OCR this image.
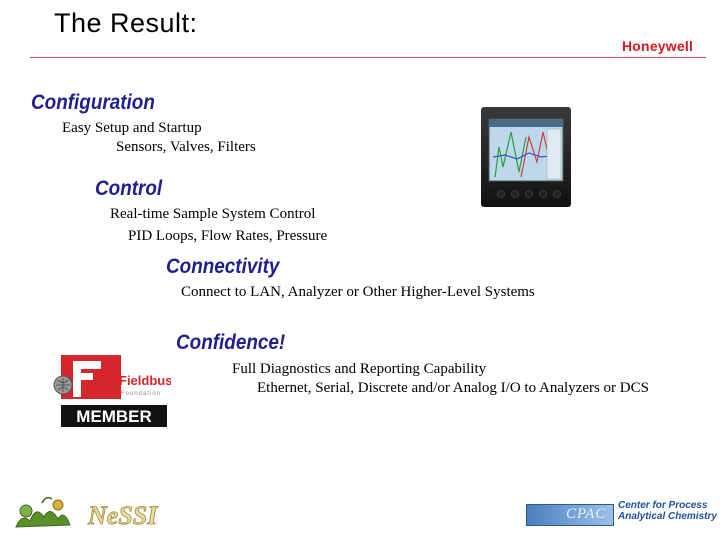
The Result:
Honeywell
Configuration
Easy Setup and Startup
Sensors, Valves, Filters
Control
Real-time Sample System Control
PID Loops, Flow Rates, Pressure
Connectivity
Connect to LAN, Analyzer or Other Higher-Level Systems
Confidence!
Full Diagnostics and Reporting Capability
Ethernet, Serial, Discrete and/or Analog I/O to Analyzers or DCS
Fieldbus
Foundation
MEMBER
NeSSI	CPAC
Center for Process
Analytical Chemistry
